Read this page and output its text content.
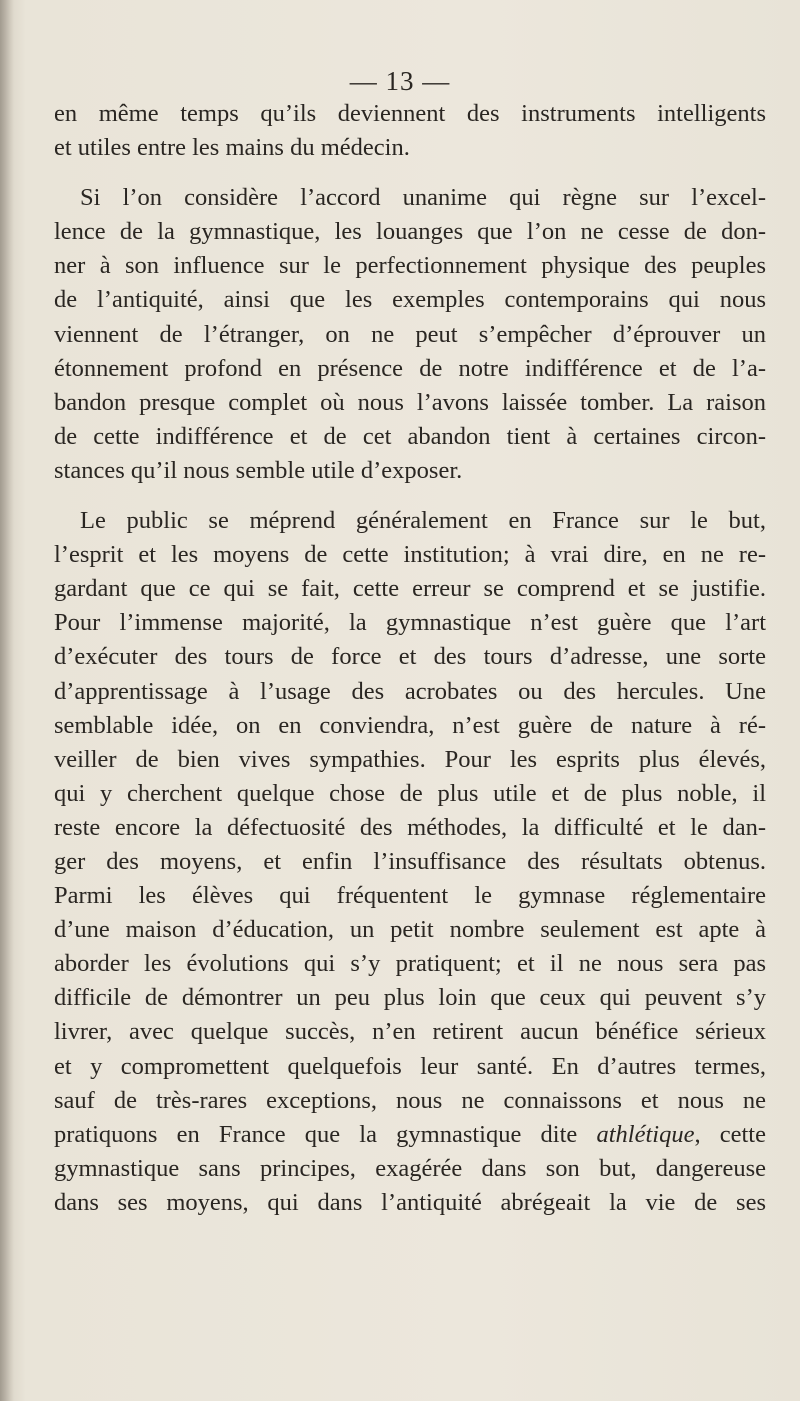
— 13 —

en même temps qu’ils deviennent des instruments intelligents
et utiles entre les mains du médecin.

Si l’on considère l’accord unanime qui règne sur l’excel-
lence de la gymnastique, les louanges que l’on ne cesse de don-
ner à son influence sur le perfectionnement physique des peuples
de l’antiquité, ainsi que les exemples contemporains qui nous
viennent de l’étranger, on ne peut s’empêcher d’éprouver un
étonnement profond en présence de notre indifférence et de l’a-
bandon presque complet où nous l’avons laissée tomber. La raison
de cette indifférence et de cet abandon tient à certaines circon-
stances qu’il nous semble utile d’exposer.

Le public se méprend généralement en France sur le but,
l’esprit et les moyens de cette institution; à vrai dire, en ne re-
gardant que ce qui se fait, cette erreur se comprend et se justifie.
Pour l’immense majorité, la gymnastique n’est guère que l’art
d’exécuter des tours de force et des tours d’adresse, une sorte
d’apprentissage à l’usage des acrobates ou des hercules. Une
semblable idée, on en conviendra, n’est guère de nature à ré-
veiller de bien vives sympathies. Pour les esprits plus élevés,
qui y cherchent quelque chose de plus utile et de plus noble, il
reste encore la défectuosité des méthodes, la difficulté et le dan-
ger des moyens, et enfin l’insuffisance des résultats obtenus.
Parmi les élèves qui fréquentent le gymnase réglementaire
d’une maison d’éducation, un petit nombre seulement est apte à
aborder les évolutions qui s’y pratiquent; et il ne nous sera pas
difficile de démontrer un peu plus loin que ceux qui peuvent s’y
livrer, avec quelque succès, n’en retirent aucun bénéfice sérieux
et y compromettent quelquefois leur santé. En d’autres termes,
sauf de très-rares exceptions, nous ne connaissons et nous ne
pratiquons en France que la gymnastique dite athlétique, cette
gymnastique sans principes, exagérée dans son but, dangereuse
dans ses moyens, qui dans l’antiquité abrégeait la vie de ses
